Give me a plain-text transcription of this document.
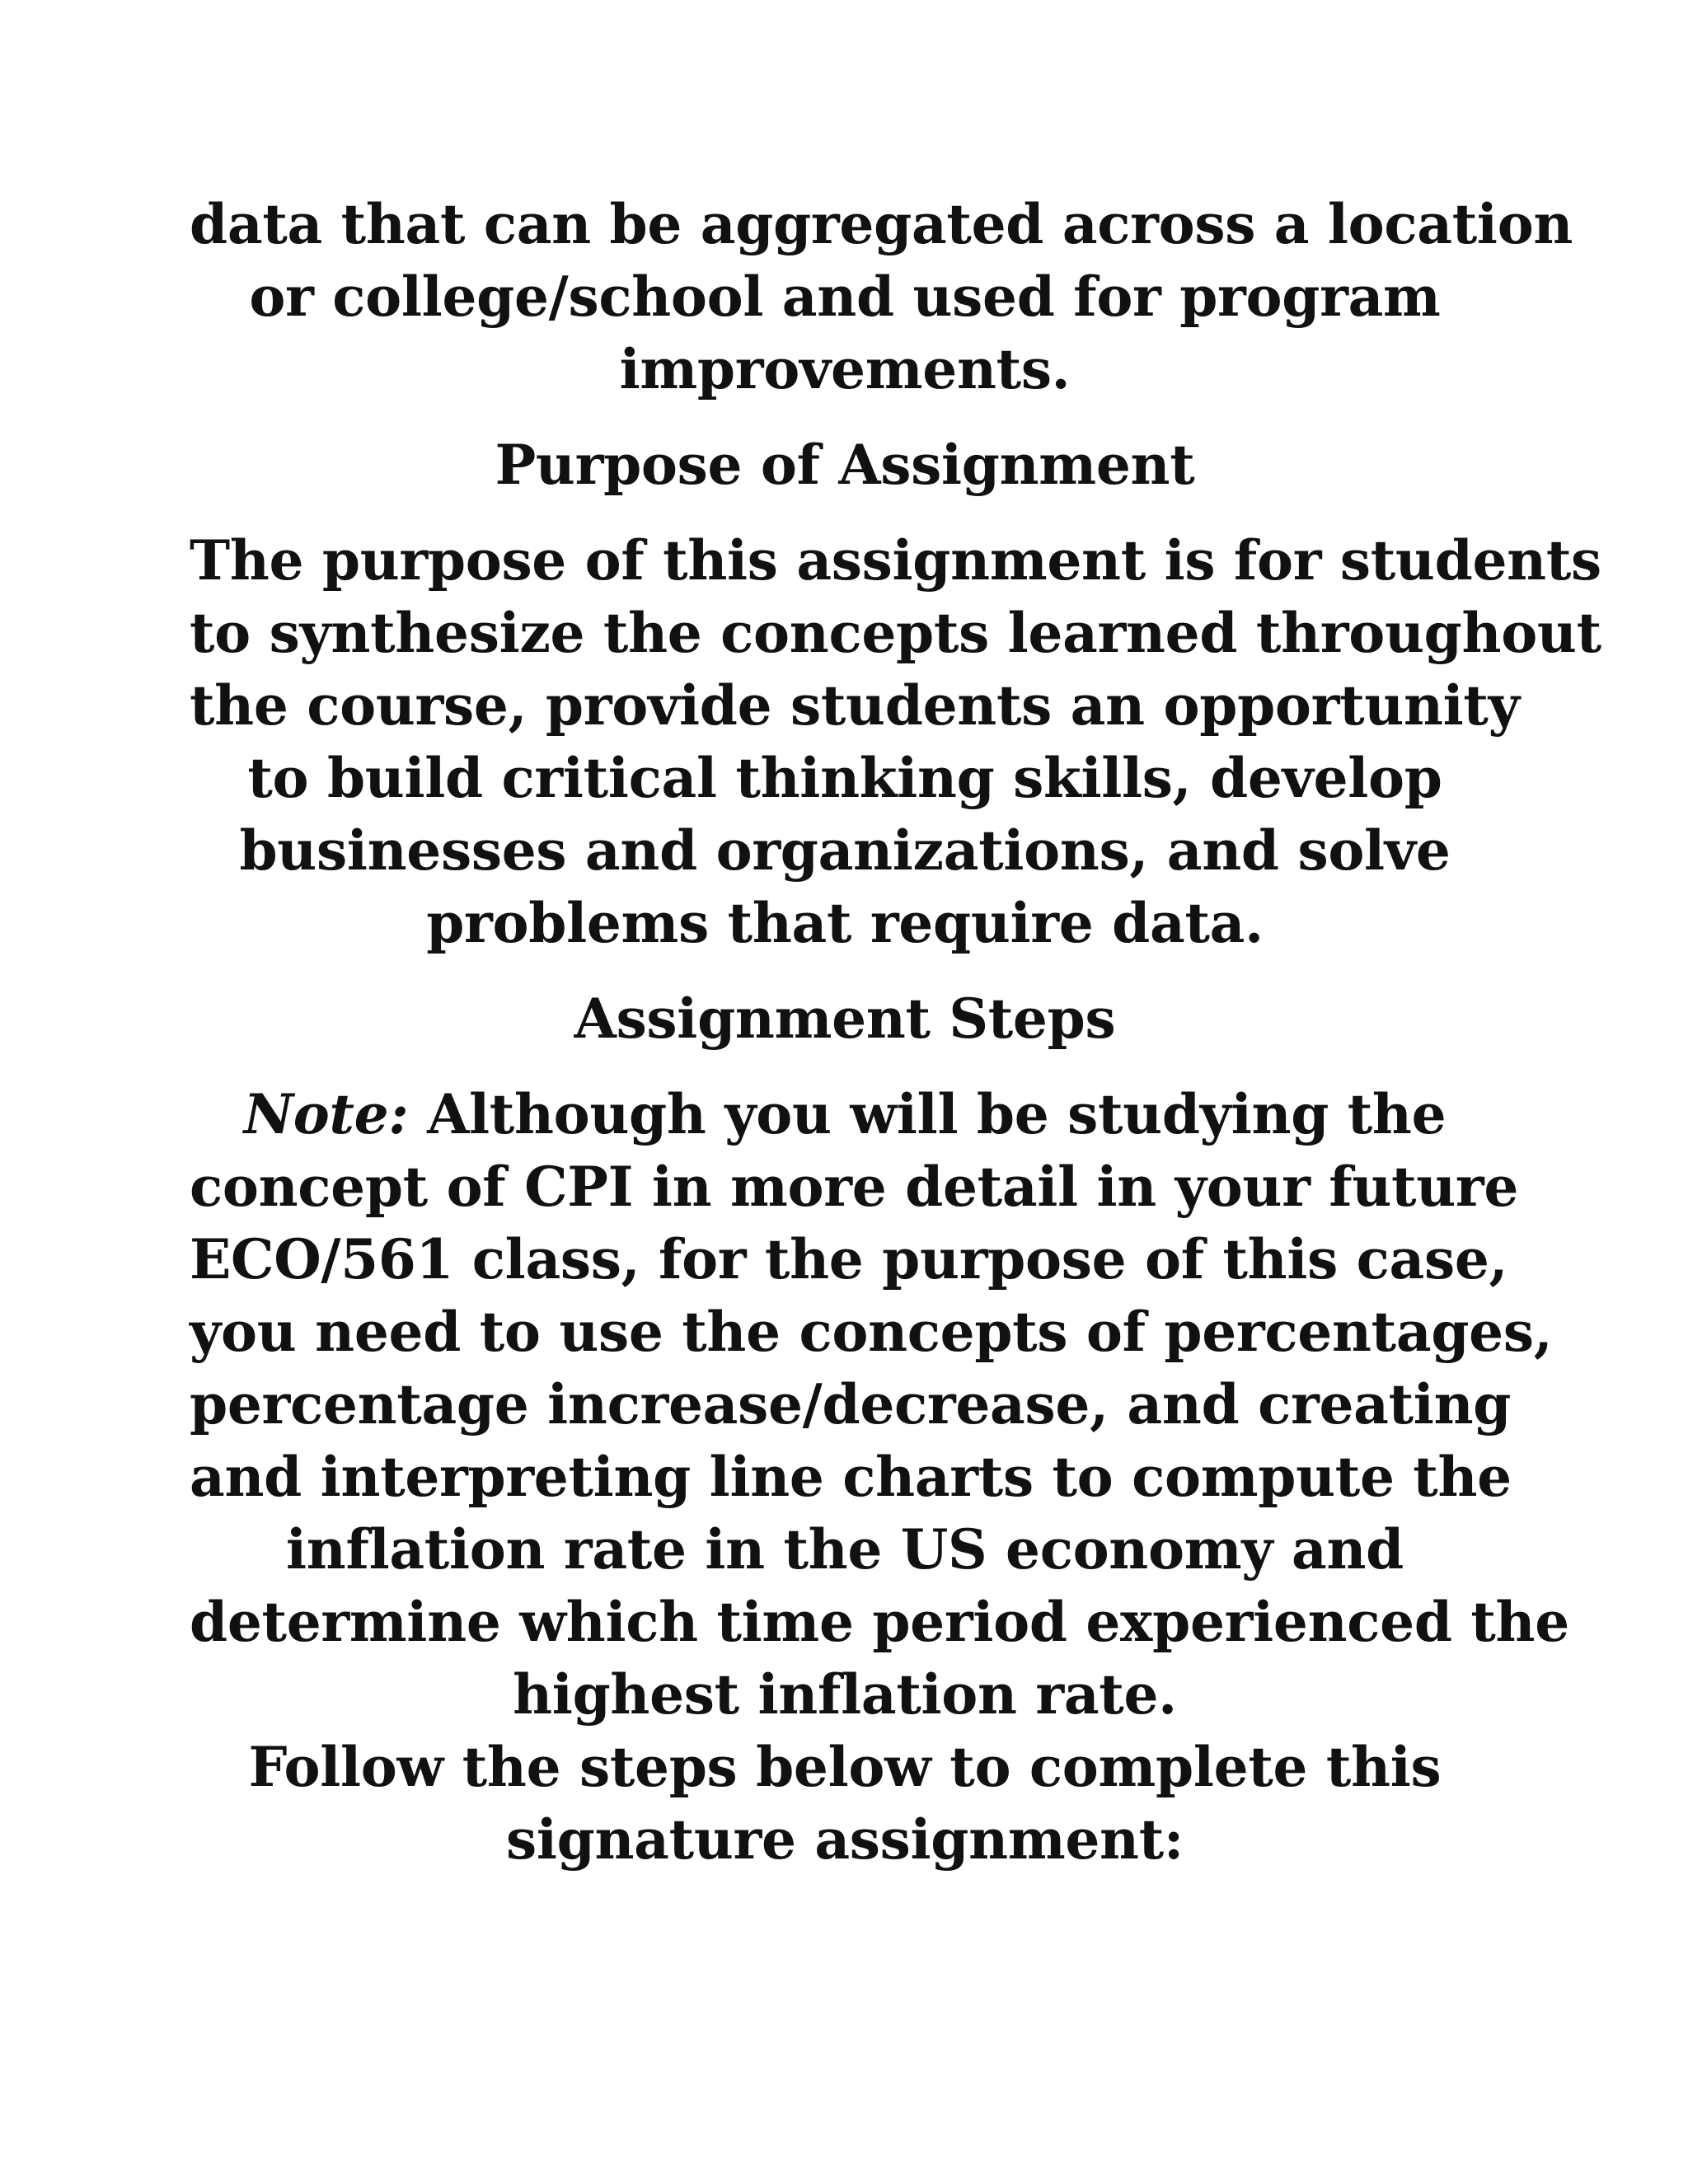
data that can be aggregated across a location
or college/school and used for program
improvements.
Purpose of Assignment
The purpose of this assignment is for students
to synthesize the concepts learned throughout
the course, provide students an opportunity
to build critical thinking skills, develop
businesses and organizations, and solve
problems that require data.
Assignment Steps
Note: Although you will be studying the
concept of CPI in more detail in your future
ECO/561 class, for the purpose of this case,
you need to use the concepts of percentages,
percentage increase/decrease, and creating
and interpreting line charts to compute the
inflation rate in the US economy and
determine which time period experienced the
highest inflation rate.
Follow the steps below to complete this
signature assignment:
